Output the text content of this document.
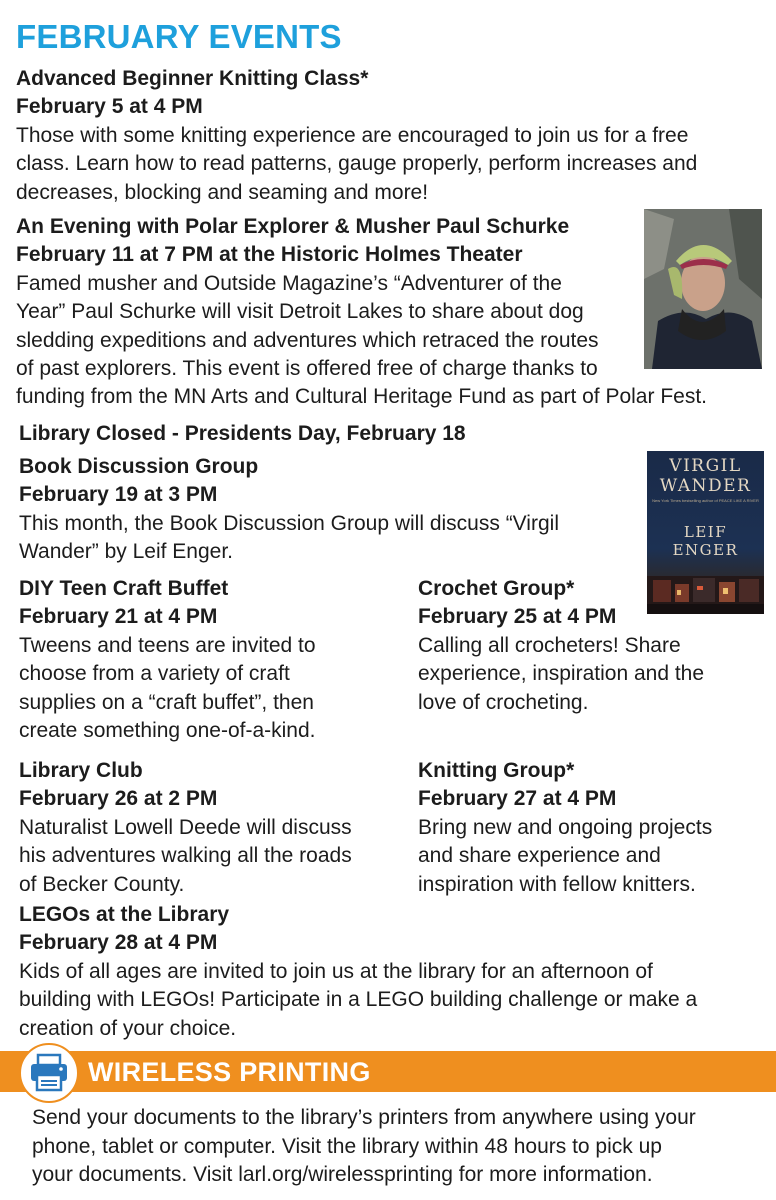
FEBRUARY EVENTS
Advanced Beginner Knitting Class*
February 5 at 4 PM
Those with some knitting experience are encouraged to join us for a free
class. Learn how to read patterns, gauge properly, perform increases and
decreases, blocking and seaming and more!
An Evening with Polar Explorer & Musher Paul Schurke
February 11 at 7 PM at the Historic Holmes Theater
Famed musher and Outside Magazine’s “Adventurer of the
Year” Paul Schurke will visit Detroit Lakes to share about dog
sledding expeditions and adventures which retraced the routes
of past explorers. This event is offered free of charge thanks to
funding from the MN Arts and Cultural Heritage Fund as part of Polar Fest.
Library Closed - Presidents Day, February 18
Book Discussion Group
February 19 at 3 PM
This month, the Book Discussion Group will discuss “Virgil
Wander” by Leif Enger.
VIRGIL
WANDER
New York Times bestselling author of PEACE LIKE A RIVER
LEIF
ENGER
DIY Teen Craft Buffet
February 21 at 4 PM
Tweens and teens are invited to
choose from a variety of craft
supplies on a “craft buffet”, then
create something one-of-a-kind.
Crochet Group*
February 25 at 4 PM
Calling all crocheters! Share
experience, inspiration and the
love of crocheting.
Library Club
February 26 at 2 PM
Naturalist Lowell Deede will discuss
his adventures walking all the roads
of Becker County.
Knitting Group*
February 27 at 4 PM
Bring new and ongoing projects
and share experience and
inspiration with fellow knitters.
LEGOs at the Library
February 28 at 4 PM
Kids of all ages are invited to join us at the library for an afternoon of
building with LEGOs! Participate in a LEGO building challenge or make a
creation of your choice.
WIRELESS PRINTING
Send your documents to the library’s printers from anywhere using your
phone, tablet or computer. Visit the library within 48 hours to pick up
your documents. Visit larl.org/wirelessprinting for more information.
